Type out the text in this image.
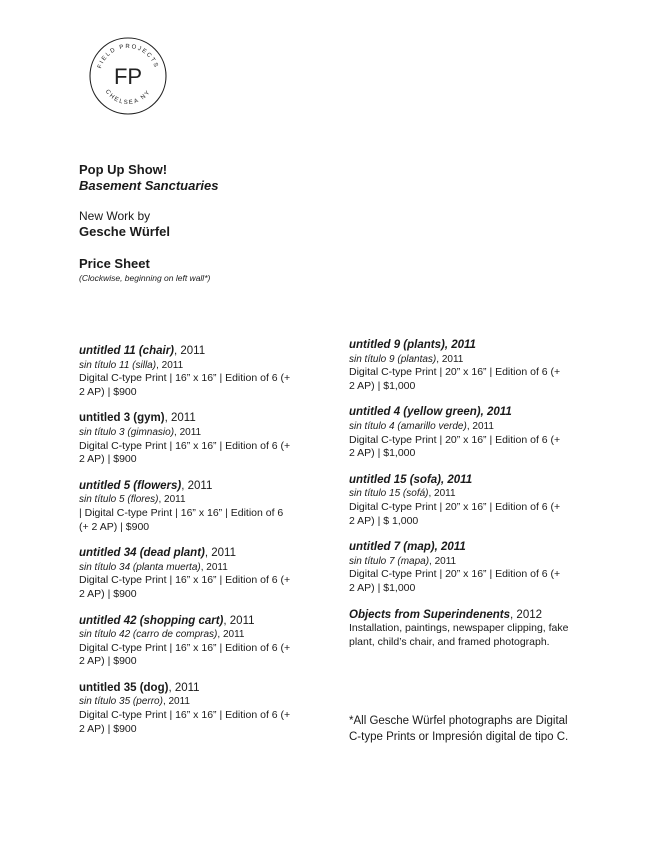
FIELD PROJECTS
CHELSEA NY
FP
Pop Up Show!
Basement Sanctuaries
New Work by
Gesche Würfel
Price Sheet
(Clockwise, beginning on left wall*)
untitled 11 (chair), 2011
sin título 11 (silla), 2011
Digital C-type Print | 16” x 16” | Edition of 6 (+
2 AP) | $900
untitled 3 (gym), 2011
sin título 3 (gimnasio), 2011
Digital C-type Print | 16” x 16” | Edition of 6 (+
2 AP) | $900
untitled 5 (flowers), 2011
sin título 5 (flores), 2011
| Digital C-type Print | 16” x 16” | Edition of 6
(+ 2 AP) | $900
untitled 34 (dead plant), 2011
sin título 34 (planta muerta), 2011
Digital C-type Print | 16” x 16” | Edition of 6 (+
2 AP) | $900
untitled 42 (shopping cart), 2011
sin título 42 (carro de compras), 2011
Digital C-type Print | 16” x 16” | Edition of 6 (+
2 AP) | $900
untitled 35 (dog), 2011
sin título 35 (perro), 2011
Digital C-type Print | 16” x 16” | Edition of 6 (+
2 AP) | $900
untitled 9 (plants), 2011
sin título 9 (plantas), 2011
Digital C-type Print | 20” x 16” | Edition of 6 (+
2 AP) | $1,000
untitled 4 (yellow green), 2011
sin título 4 (amarillo verde), 2011
Digital C-type Print | 20” x 16” | Edition of 6 (+
2 AP) | $1,000
untitled 15 (sofa), 2011
sin título 15 (sofá), 2011
Digital C-type Print | 20” x 16” | Edition of 6 (+
2 AP) | $ 1,000
untitled 7 (map), 2011
sin título 7 (mapa), 2011
Digital C-type Print | 20” x 16” | Edition of 6 (+
2 AP) | $1,000
Objects from Superindenents, 2012
Installation, paintings, newspaper clipping, fake
plant, child’s chair, and framed photograph.
*All Gesche Würfel photographs are Digital
C-type Prints or Impresión digital de tipo C.
